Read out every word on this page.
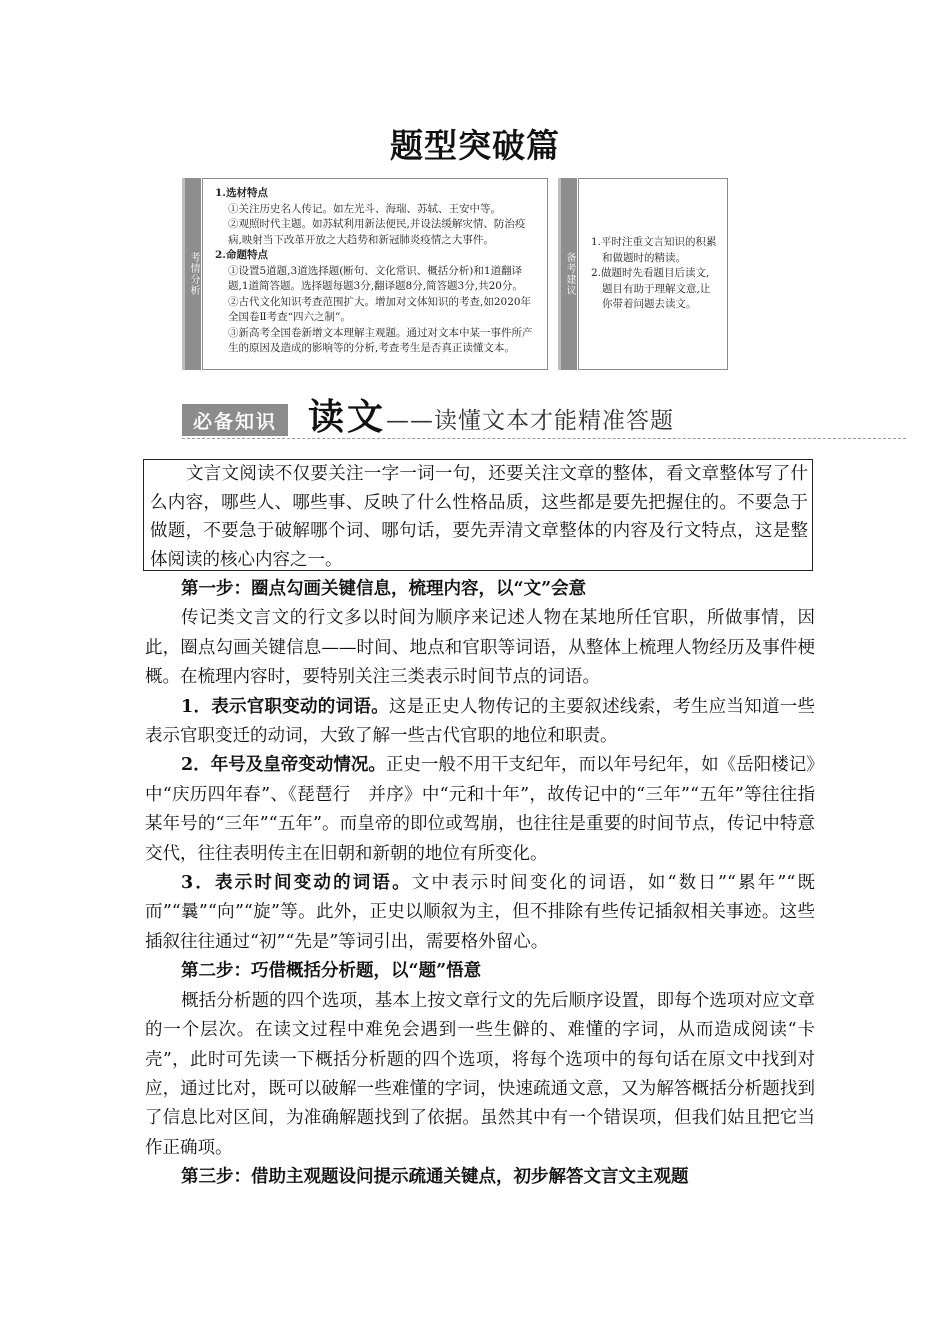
题型突破篇
考情分析
1.选材特点
①关注历史名人传记。如左光斗、海瑞、苏轼、王安中等。
②观照时代主题。如苏轼利用新法便民,并设法缓解灾情、防治疫病,映射当下改革开放之大趋势和新冠肺炎疫情之大事件。
2.命题特点
①设置5道题,3道选择题(断句、文化常识、概括分析)和1道翻译题,1道简答题。选择题每题3分,翻译题8分,简答题3分,共20分。
②古代文化知识考查范围扩大。增加对文体知识的考查,如2020年全国卷Ⅱ考查“四六之制”。
③新高考全国卷新增文本理解主观题。通过对文本中某一事件所产生的原因及造成的影响等的分析,考查考生是否真正读懂文本。
备考建议
1.平时注重文言知识的积累和做题时的精读。
2.做题时先看题目后读文,题目有助于理解文意,让你带着问题去读文。
必备知识 读文 ——读懂文本才能精准答题
文言文阅读不仅要关注一字一词一句，还要关注文章的整体，看文章整体写了什么内容，哪些人、哪些事、反映了什么性格品质，这些都是要先把握住的。不要急于做题，不要急于破解哪个词、哪句话，要先弄清文章整体的内容及行文特点，这是整体阅读的核心内容之一。

第一步：圈点勾画关键信息，梳理内容，以“文”会意

传记类文言文的行文多以时间为顺序来记述人物在某地所任官职，所做事情，因此，圈点勾画关键信息——时间、地点和官职等词语，从整体上梳理人物经历及事件梗概。在梳理内容时，要特别关注三类表示时间节点的词语。

1．表示官职变动的词语。这是正史人物传记的主要叙述线索，考生应当知道一些表示官职变迁的动词，大致了解一些古代官职的地位和职责。

2．年号及皇帝变动情况。正史一般不用干支纪年，而以年号纪年，如《岳阳楼记》中“庆历四年春”、《琵琶行　并序》中“元和十年”，故传记中的“三年”“五年”等往往指某年号的“三年”“五年”。而皇帝的即位或驾崩，也往往是重要的时间节点，传记中特意交代，往往表明传主在旧朝和新朝的地位有所变化。

3．表示时间变动的词语。文中表示时间变化的词语，如“数日”“累年”“既而”“曩”“向”“旋”等。此外，正史以顺叙为主，但不排除有些传记插叙相关事迹。这些插叙往往通过“初”“先是”等词引出，需要格外留心。

第二步：巧借概括分析题，以“题”悟意

概括分析题的四个选项，基本上按文章行文的先后顺序设置，即每个选项对应文章的一个层次。在读文过程中难免会遇到一些生僻的、难懂的字词，从而造成阅读“卡壳”，此时可先读一下概括分析题的四个选项，将每个选项中的每句话在原文中找到对应，通过比对，既可以破解一些难懂的字词，快速疏通文意，又为解答概括分析题找到了信息比对区间，为准确解题找到了依据。虽然其中有一个错误项，但我们姑且把它当作正确项。

第三步：借助主观题设问提示疏通关键点，初步解答文言文主观题
